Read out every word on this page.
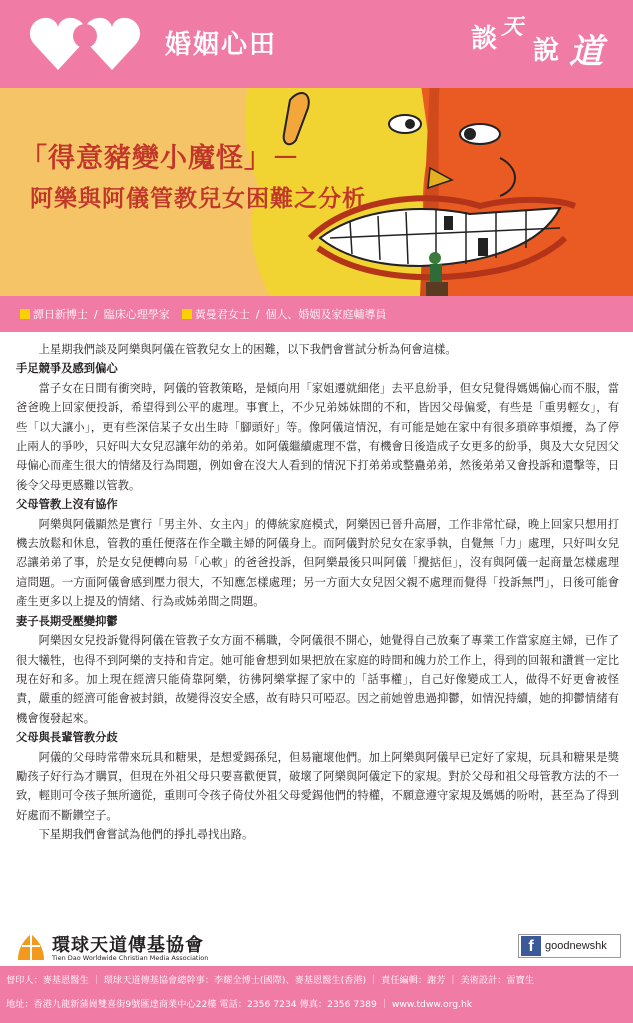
婚姻心田	談 天
說 道
「得意豬變小魔怪」－
阿樂與阿儀管教兒女困難之分析
譚日新博士 / 臨床心理學家 黃曼君女士 / 個人、婚姻及家庭輔導員

上星期我們談及阿樂與阿儀在管教兒女上的困難，以下我們會嘗試分析為何會這樣。

手足競爭及感到偏心

當子女在日間有衝突時，阿儀的管教策略，是傾向用「家姐遷就細佬」去平息紛爭，但女兒覺得媽媽偏心而不服，當爸爸晚上回家便投訴，希望得到公平的處理。事實上，不少兄弟姊妹間的不和，皆因父母偏愛，有些是「重男輕女」，有些「以大讓小」，更有些深信某子女出生時「腳頭好」等。像阿儀這情況，有可能是她在家中有很多瑣碎事煩擾，為了停止兩人的爭吵，只好叫大女兒忍讓年幼的弟弟。如阿儀繼續處理不當，有機會日後造成子女更多的紛爭，與及大女兒因父母偏心而產生很大的情緒及行為問題，例如會在沒大人看到的情況下打弟弟或整蠱弟弟，然後弟弟又會投訴和還擊等，日後令父母更感難以管教。

父母管教上沒有協作

阿樂與阿儀顯然是實行「男主外、女主內」的傳統家庭模式，阿樂因已晉升高層，工作非常忙碌，晚上回家只想用打機去放鬆和休息，管教的重任便落在作全職主婦的阿儀身上。而阿儀對於兒女在家爭執，自覺無「力」處理，只好叫女兒忍讓弟弟了事，於是女兒便轉向易「心軟」的爸爸投訴，但阿樂最後只叫阿儀「攪掂佢」，沒有與阿儀一起商量怎樣處理這問題。一方面阿儀會感到壓力很大，不知應怎樣處理；另一方面大女兒因父親不處理而覺得「投訴無門」，日後可能會產生更多以上提及的情緒、行為或姊弟間之問題。

妻子長期受壓變抑鬱

阿樂因女兒投訴覺得阿儀在管教子女方面不稱職，令阿儀很不開心，她覺得自己放棄了專業工作當家庭主婦，已作了很大犧牲，也得不到阿樂的支持和肯定。她可能會想到如果把放在家庭的時間和魄力於工作上，得到的回報和讚賞一定比現在好和多。加上現在經濟只能倚靠阿樂，彷彿阿樂掌握了家中的「話事權」，自己好像變成工人，做得不好更會被怪責，嚴重的經濟可能會被封鎖，故變得沒安全感，故有時只可啞忍。因之前她曾患過抑鬱，如情況持續，她的抑鬱情緒有機會復發起來。

父母與長輩管教分歧

阿儀的父母時常帶來玩具和糖果，是想愛錫孫兒，但易寵壞他們。加上阿樂與阿儀早已定好了家規，玩具和糖果是獎勵孩子好行為才購買，但現在外祖父母只要喜歡便買，破壞了阿樂與阿儀定下的家規。對於父母和祖父母管教方法的不一致，輕則可令孩子無所適從，重則可令孩子倚仗外祖父母愛錫他們的特權，不願意遵守家規及媽媽的吩咐，甚至為了得到好處而不斷鑽空子。

下星期我們會嘗試為他們的掙扎尋找出路。

環球天道傳基協會
Tien Dao Worldwide Christian Media Association
f	goodnewshk
督印人：麥基恩醫生 ｜ 環球天道傳基協會總幹事：李耀全博士(國際)、麥基恩醫生(香港) ｜ 責任編輯：謝芳 ｜ 美術設計：雷寶生
地址：香港九龍新蒲崗雙喜街9號匯達商業中心22樓 電話：2356 7234 傳真：2356 7389 ｜ www.tdww.org.hk
